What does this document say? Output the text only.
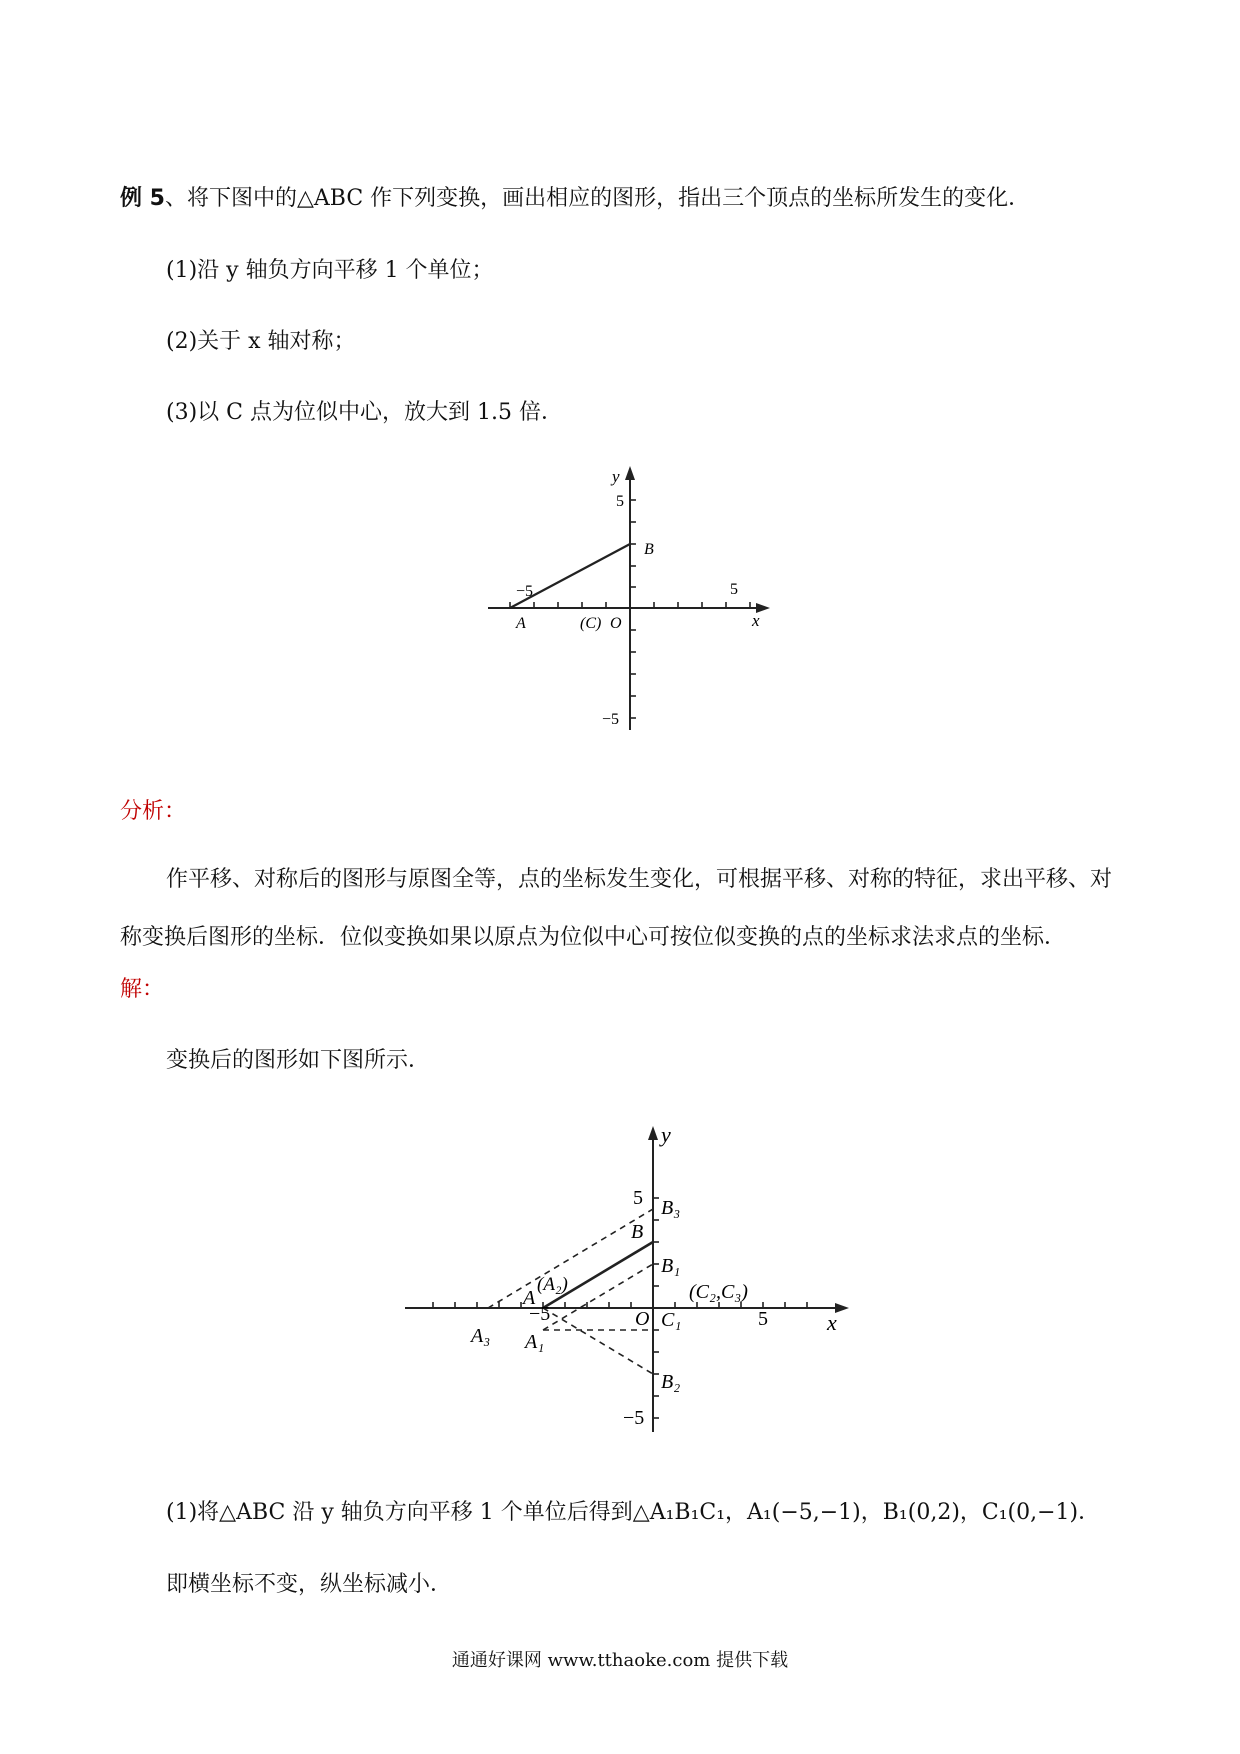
例 5、将下图中的△ABC 作下列变换，画出相应的图形，指出三个顶点的坐标所发生的变化．
(1)沿 y 轴负方向平移 1 个单位；
(2)关于 x 轴对称；
(3)以 C 点为位似中心，放大到 1.5 倍．
y
x
5
−5
−5	5
A
B
(C) O
分析：
作平移、对称后的图形与原图全等，点的坐标发生变化，可根据平移、对称的特征，求出平移、对称变换后图形的坐标．位似变换如果以原点为位似中心可按位似变换的点的坐标求法求点的坐标．
解：
变换后的图形如下图所示．
y
x
5
−5
−5	5
O
A
(A₂)
A₁
A₃
B
B₁
B₂
B₃
C₁
(C₂,C₃)
(1)将△ABC 沿 y 轴负方向平移 1 个单位后得到△A₁B₁C₁，A₁(−5,−1)，B₁(0,2)，C₁(0,−1)．
即横坐标不变，纵坐标减小．
通通好课网 www.tthaoke.com 提供下载
